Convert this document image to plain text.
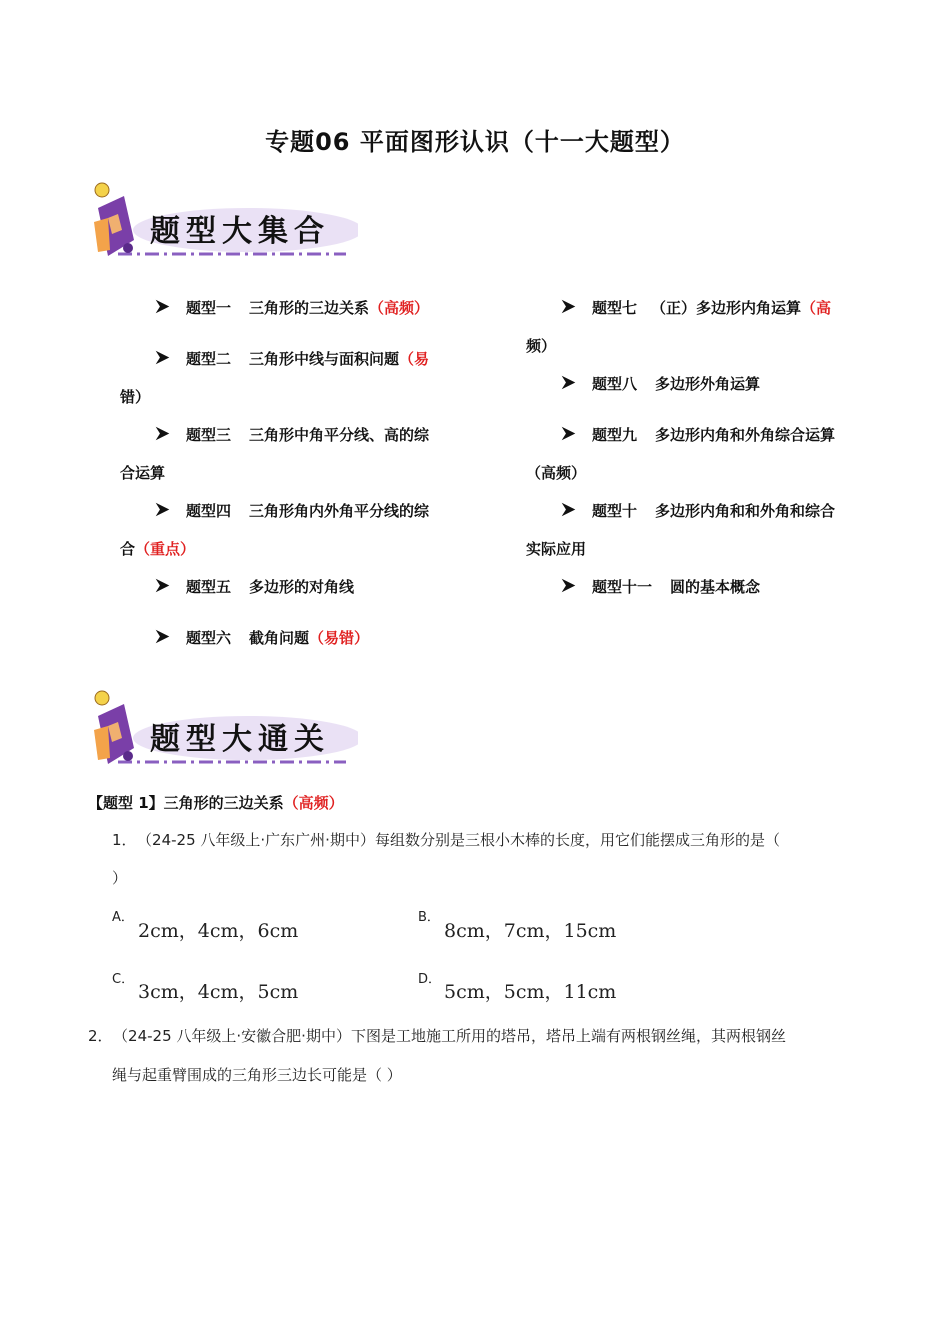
专题06 平面图形认识（十一大题型）
题型大集合
题型一 三角形的三边关系（高频）
题型二 三角形中线与面积问题（易
错）
题型三 三角形中角平分线、高的综
合运算
题型四 三角形角内外角平分线的综
合（重点）
题型五 多边形的对角线
题型六 截角问题（易错）
题型七 （正）多边形内角运算（高
频）
题型八 多边形外角运算
题型九 多边形内角和外角综合运算
（高频）
题型十 多边形内角和和外角和综合
实际应用
题型十一 圆的基本概念
题型大通关
【题型 1】三角形的三边关系（高频）
1． （24-25 八年级上·广东广州·期中）每组数分别是三根小木棒的长度，用它们能摆成三角形的是（
）
A．
2cm，4cm，6cm
B．
8cm，7cm，15cm
C．
3cm，4cm，5cm
D．
5cm，5cm，11cm
2． （24-25 八年级上·安徽合肥·期中）下图是工地施工所用的塔吊，塔吊上端有两根钢丝绳，其两根钢丝
绳与起重臂围成的三角形三边长可能是（ ）
